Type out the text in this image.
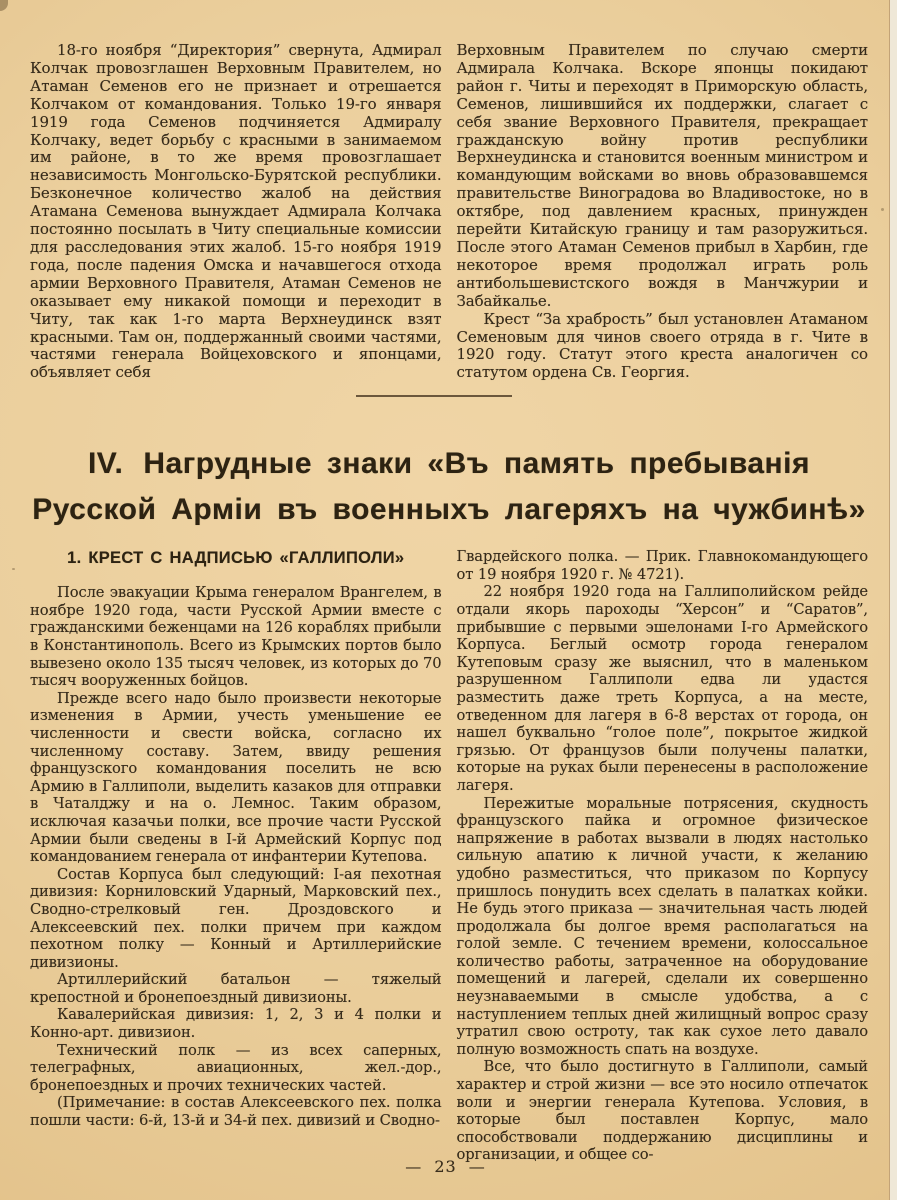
18-го ноября “Директория” свернута, Адмирал Колчак провозглашен Верховным Правителем, но Атаман Семенов его не признает и отрешается Колчаком от командования. Только 19-го января 1919 года Семенов подчиняется Адмиралу Колчаку, ведет борьбу с красными в занимаемом им районе, в то же время провозглашает независимость Монгольско-Бурятской республики. Безконечное количество жалоб на действия Атамана Семенова вынуждает Адмирала Колчака постоянно посылать в Читу специальные комиссии для расследования этих жалоб. 15-го ноября 1919 года, после падения Омска и начавшегося отхода армии Верховного Правителя, Атаман Семенов не оказывает ему никакой помощи и переходит в Читу, так как 1-го марта Верхнеудинск взят красными. Там он, поддержанный своими частями, частями генерала Войцеховского и японцами, объявляет себя

Верховным Правителем по случаю смерти Адмирала Колчака. Вскоре японцы покидают район г. Читы и переходят в Приморскую область, Семенов, лишившийся их поддержки, слагает с себя звание Верховного Правителя, прекращает гражданскую войну против республики Верхнеудинска и становится военным министром и командующим войсками во вновь образовавшемся правительстве Виноградова во Владивостоке, но в октябре, под давлением красных, принужден перейти Китайскую границу и там разоружиться. После этого Атаман Семенов прибыл в Харбин, где некоторое время продолжал играть роль антибольшевистского вождя в Манчжурии и Забайкалье.

Крест “За храбрость” был установлен Атаманом Семеновым для чинов своего отряда в г. Чите в 1920 году. Статут этого креста аналогичен со статутом ордена Св. Георгия.

IV. Нагрудные знаки «Въ память пребыванія
Русской Арміи въ военныхъ лагеряхъ на чужбинѣ»
1. КРЕСТ С НАДПИСЬЮ «ГАЛЛИПОЛИ»

После эвакуации Крыма генералом Врангелем, в ноябре 1920 года, части Русской Армии вместе с гражданскими беженцами на 126 кораблях прибыли в Константинополь. Всего из Крымских портов было вывезено около 135 тысяч человек, из которых до 70 тысяч вооруженных бойцов.

Прежде всего надо было произвести некоторые изменения в Армии, учесть уменьшение ее численности и свести войска, согласно их численному составу. Затем, ввиду решения французского командования поселить не всю Армию в Галлиполи, выделить казаков для отправки в Чаталджу и на о. Лемнос. Таким образом, исключая казачьи полки, все прочие части Русской Армии были сведены в I-й Армейский Корпус под командованием генерала от инфантерии Кутепова.

Состав Корпуса был следующий: I-ая пехотная дивизия: Корниловский Ударный, Марковский пех., Сводно-стрелковый ген. Дроздовского и Алексеевский пех. полки причем при каждом пехотном полку — Конный и Артиллерийские дивизионы.

Артиллерийский батальон — тяжелый крепостной и бронепоездный дивизионы.

Кавалерийская дивизия: 1, 2, 3 и 4 полки и Конно-арт. дивизион.

Технический полк — из всех саперных, телеграфных, авиационных, жел.-дор., бронепоездных и прочих технических частей.

(Примечание: в состав Алексеевского пех. полка пошли части: 6-й, 13-й и 34-й пех. дивизий и Сводно-

Гвардейского полка. — Прик. Главнокомандующего от 19 ноября 1920 г. № 4721).

22 ноября 1920 года на Галлиполийском рейде отдали якорь пароходы “Херсон” и “Саратов”, прибывшие с первыми эшелонами I-го Армейского Корпуса. Беглый осмотр города генералом Кутеповым сразу же выяснил, что в маленьком разрушенном Галлиполи едва ли удастся разместить даже треть Корпуса, а на месте, отведенном для лагеря в 6-8 верстах от города, он нашел буквально “голое поле”, покрытое жидкой грязью. От французов были получены палатки, которые на руках были перенесены в расположение лагеря.

Пережитые моральные потрясения, скудность французского пайка и огромное физическое напряжение в работах вызвали в людях настолько сильную апатию к личной участи, к желанию удобно разместиться, что приказом по Корпусу пришлось понудить всех сделать в палатках койки. Не будь этого приказа — значительная часть людей продолжала бы долгое время располагаться на голой земле. С течением времени, колоссальное количество работы, затраченное на оборудование помещений и лагерей, сделали их совершенно неузнаваемыми в смысле удобства, а с наступлением теплых дней жилищный вопрос сразу утратил свою остроту, так как сухое лето давало полную возможность спать на воздухе.

Все, что было достигнуто в Галлиполи, самый характер и строй жизни — все это носило отпечаток воли и энергии генерала Кутепова. Условия, в которые был поставлен Корпус, мало способствовали поддержанию дисциплины и организации, и общее со-

— 23 —
